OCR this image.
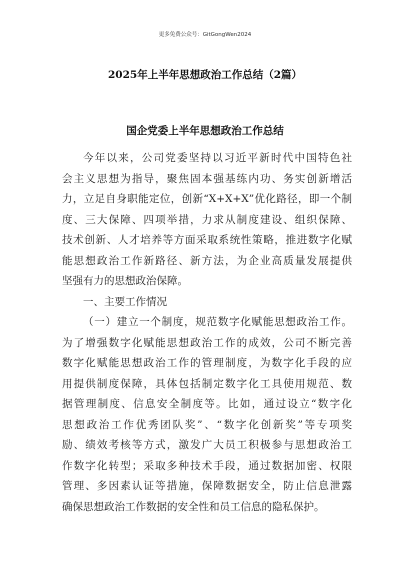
更多免费公众号：GitGongWen2024
2025年上半年思想政治工作总结（2篇）
国企党委上半年思想政治工作总结
今年以来，公司党委坚持以习近平新时代中国特色社
会主义思想为指导，聚焦固本强基练内功、务实创新增活
力，立足自身职能定位，创新“X+X+X”优化路径，即一个制
度、三大保障、四项举措，力求从制度建设、组织保障、
技术创新、人才培养等方面采取系统性策略，推进数字化赋
能思想政治工作新路径、新方法，为企业高质量发展提供
坚强有力的思想政治保障。
一、主要工作情况
（一）建立一个制度，规范数字化赋能思想政治工作。
为了增强数字化赋能思想政治工作的成效，公司不断完善
数字化赋能思想政治工作的管理制度，为数字化手段的应
用提供制度保障，具体包括制定数字化工具使用规范、数
据管理制度、信息安全制度等。比如，通过设立“数字化
思想政治工作优秀团队奖”、“数字化创新奖”等专项奖
励、绩效考核等方式，激发广大员工积极参与思想政治工
作数字化转型；采取多种技术手段，通过数据加密、权限
管理、多因素认证等措施，保障数据安全，防止信息泄露
确保思想政治工作数据的安全性和员工信息的隐私保护。
